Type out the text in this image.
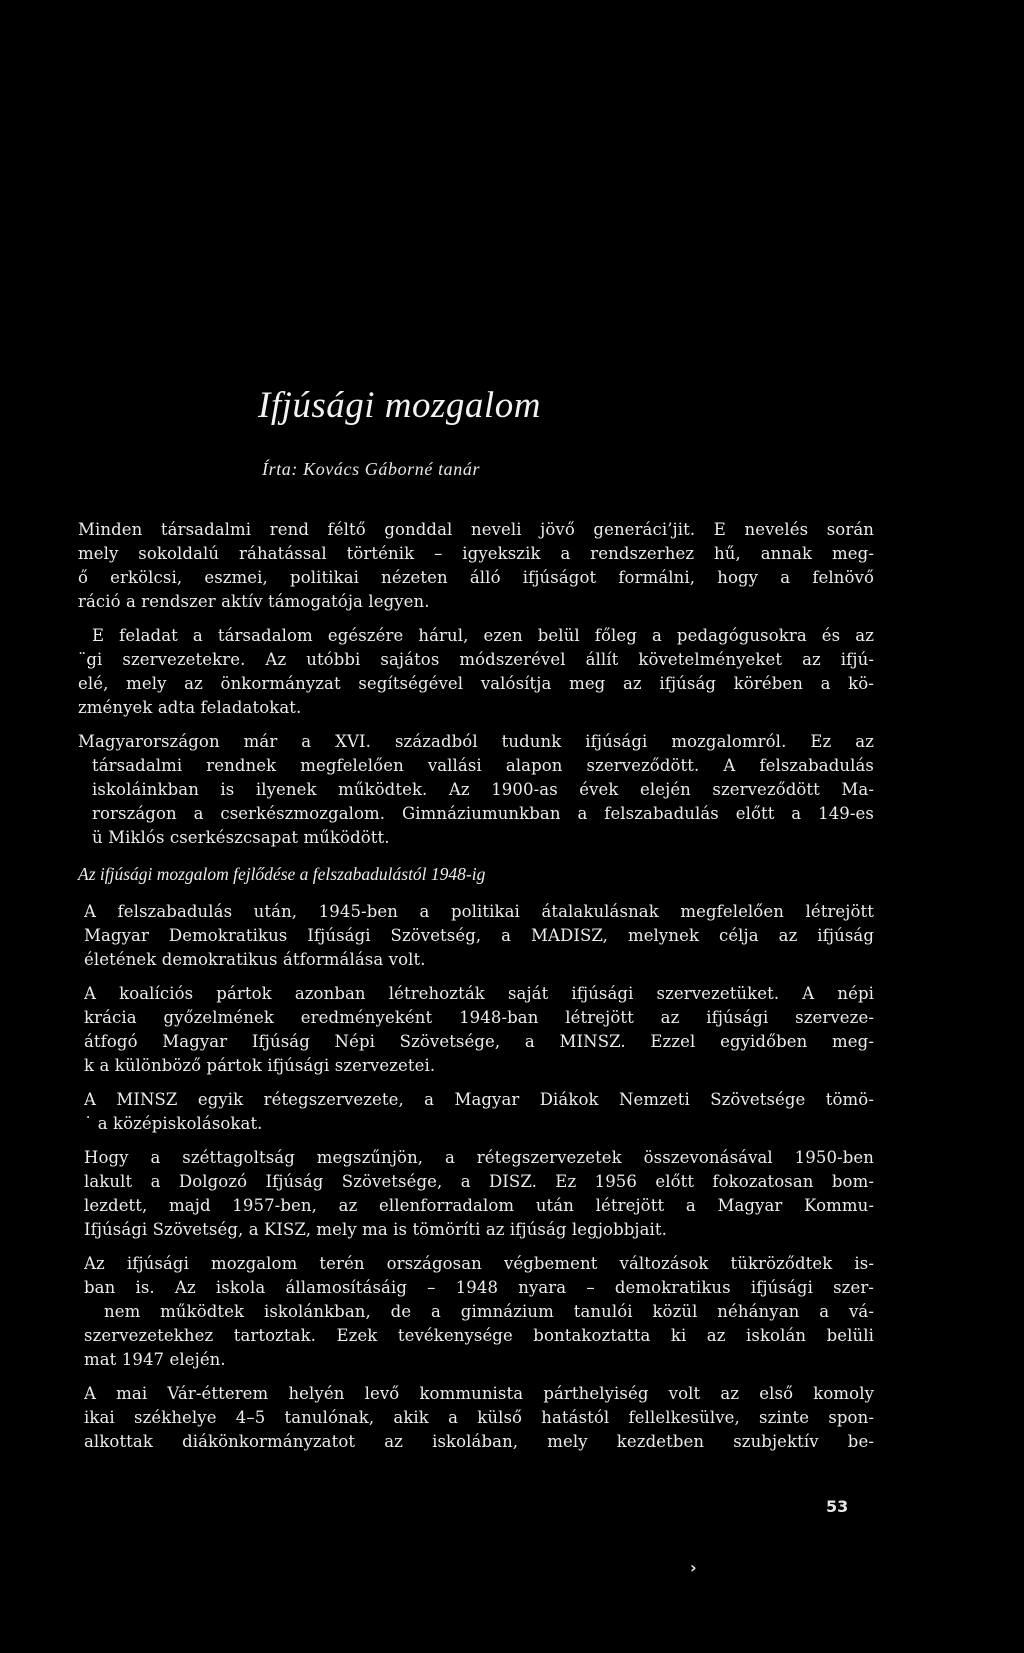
Ifjúsági mozgalom
Írta: Kovács Gáborné tanár
Minden társadalmi rend féltő gonddal neveli jövő generáci’jit. E nevelés során
mely sokoldalú ráhatással történik – igyekszik a rendszerhez hű, annak meg-
ő erkölcsi, eszmei, politikai nézeten álló ifjúságot formálni, hogy a felnövő
ráció a rendszer aktív támogatója legyen.
E feladat a társadalom egészére hárul, ezen belül főleg a pedagógusokra és az
¨gi szervezetekre. Az utóbbi sajátos módszerével állít követelményeket az ifjú-
elé, mely az önkormányzat segítségével valósítja meg az ifjúság körében a kö-
zmények adta feladatokat.
Magyarországon már a XVI. századból tudunk ifjúsági mozgalomról. Ez az
társadalmi rendnek megfelelően vallási alapon szerveződött. A felszabadulás
iskoláinkban is ilyenek működtek. Az 1900-as évek elején szerveződött Ma-
rországon a cserkészmozgalom. Gimnáziumunkban a felszabadulás előtt a 149-es
ü Miklós cserkészcsapat működött.
Az ifjúsági mozgalom fejlődése a felszabadulástól 1948-ig
A felszabadulás után, 1945-ben a politikai átalakulásnak megfelelően létrejött
Magyar Demokratikus Ifjúsági Szövetség, a MADISZ, melynek célja az ifjúság
életének demokratikus átformálása volt.
A koalíciós pártok azonban létrehozták saját ifjúsági szervezetüket. A népi
krácia győzelmének eredményeként 1948-ban létrejött az ifjúsági szerveze-
átfogó Magyar Ifjúság Népi Szövetsége, a MINSZ. Ezzel egyidőben meg-
k a különböző pártok ifjúsági szervezetei.
A MINSZ egyik rétegszervezete, a Magyar Diákok Nemzeti Szövetsége tömö-
˙ a középiskolásokat.
Hogy a széttagoltság megszűnjön, a rétegszervezetek összevonásával 1950-ben
lakult a Dolgozó Ifjúság Szövetsége, a DISZ. Ez 1956 előtt fokozatosan bom-
lezdett, majd 1957-ben, az ellenforradalom után létrejött a Magyar Kommu-
Ifjúsági Szövetség, a KISZ, mely ma is tömöríti az ifjúság legjobbjait.
Az ifjúsági mozgalom terén országosan végbement változások tükröződtek is-
ban is. Az iskola államosításáig – 1948 nyara – demokratikus ifjúsági szer-
nem működtek iskolánkban, de a gimnázium tanulói közül néhányan a vá-
szervezetekhez tartoztak. Ezek tevékenysége bontakoztatta ki az iskolán belüli
mat 1947 elején.
A mai Vár-étterem helyén levő kommunista párthelyiség volt az első komoly
ikai székhelye 4–5 tanulónak, akik a külső hatástól fellelkesülve, szinte spon-
alkottak diákönkormányzatot az iskolában, mely kezdetben szubjektív be-
53
›
